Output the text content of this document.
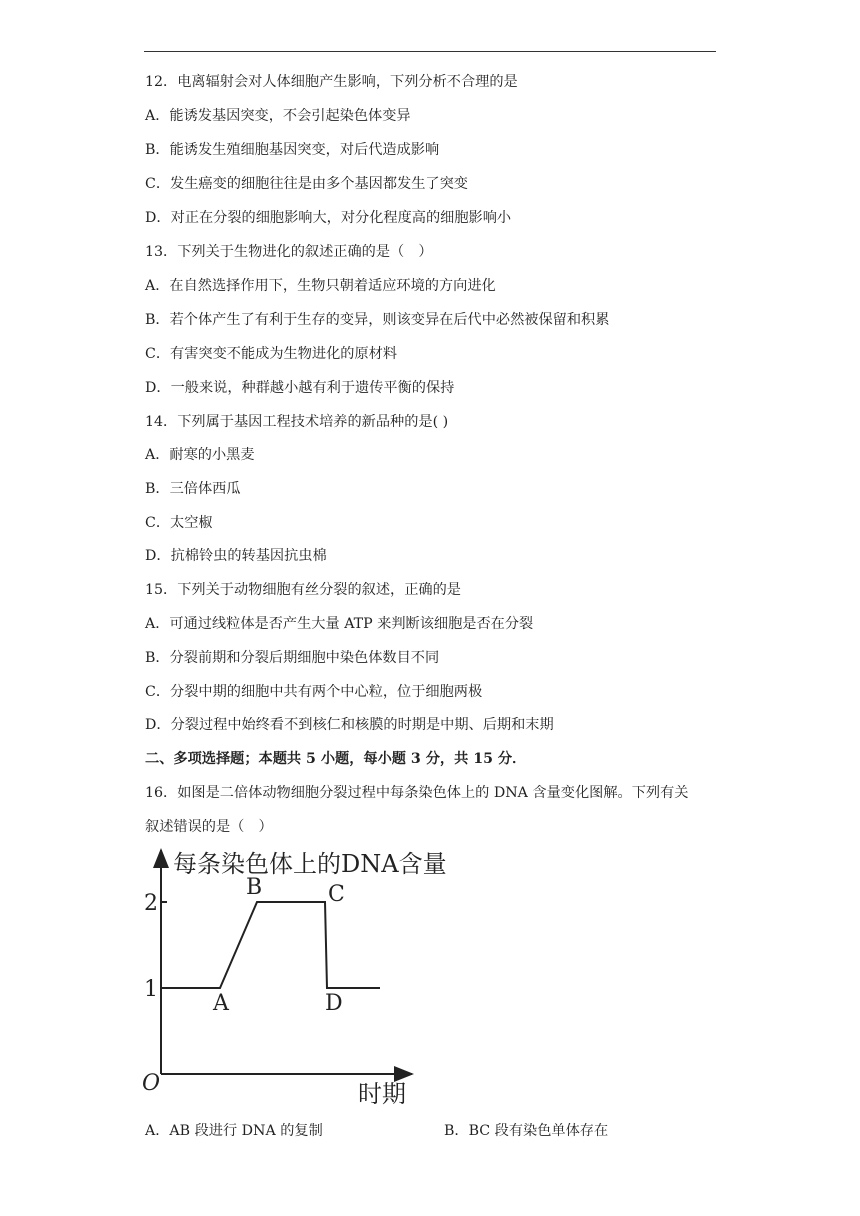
12．电离辐射会对人体细胞产生影响，下列分析不合理的是
A．能诱发基因突变，不会引起染色体变异
B．能诱发生殖细胞基因突变，对后代造成影响
C．发生癌变的细胞往往是由多个基因都发生了突变
D．对正在分裂的细胞影响大，对分化程度高的细胞影响小
13．下列关于生物进化的叙述正确的是（　）
A．在自然选择作用下，生物只朝着适应环境的方向进化
B．若个体产生了有利于生存的变异，则该变异在后代中必然被保留和积累
C．有害突变不能成为生物进化的原材料
D．一般来说，种群越小越有利于遗传平衡的保持
14．下列属于基因工程技术培养的新品种的是( )
A．耐寒的小黑麦
B．三倍体西瓜
C．太空椒
D．抗棉铃虫的转基因抗虫棉
15．下列关于动物细胞有丝分裂的叙述，正确的是
A．可通过线粒体是否产生大量 ATP 来判断该细胞是否在分裂
B．分裂前期和分裂后期细胞中染色体数目不同
C．分裂中期的细胞中共有两个中心粒，位于细胞两极
D．分裂过程中始终看不到核仁和核膜的时期是中期、后期和末期
二、多项选择题；本题共 5 小题，每小题 3 分，共 15 分．
16．如图是二倍体动物细胞分裂过程中每条染色体上的 DNA 含量变化图解。下列有关
叙述错误的是（　）
每条染色体上的DNA含量
时期
O
1
2
A
B	C
D
A．AB 段进行 DNA 的复制	B．BC 段有染色单体存在
